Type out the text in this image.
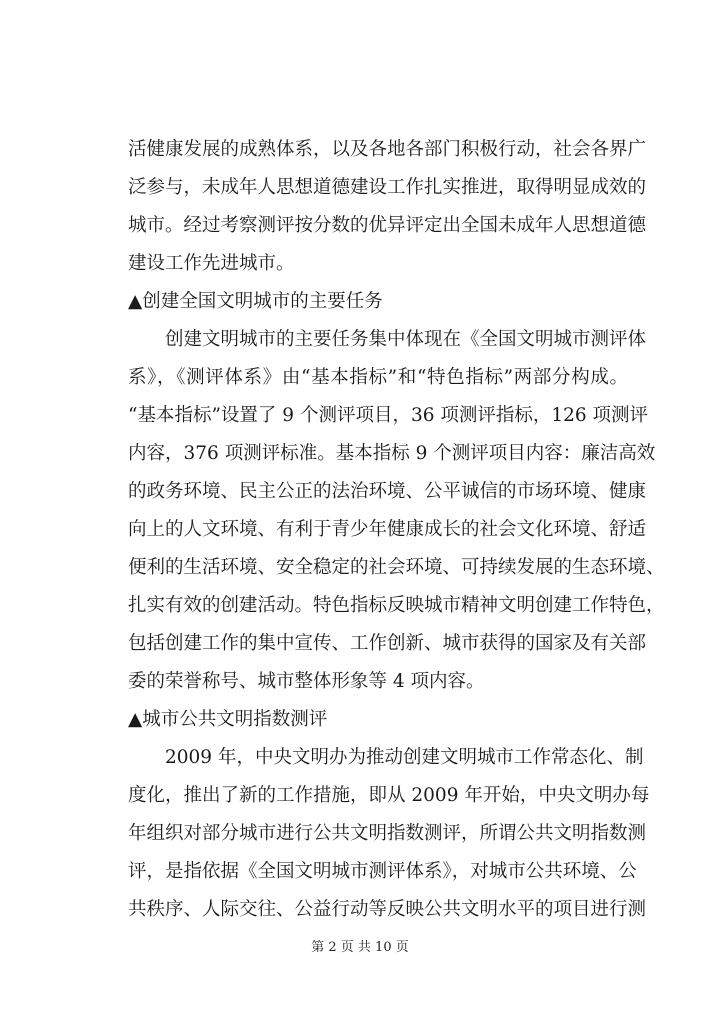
活健康发展的成熟体系，以及各地各部门积极行动，社会各界广
泛参与，未成年人思想道德建设工作扎实推进，取得明显成效的
城市。经过考察测评按分数的优异评定出全国未成年人思想道德
建设工作先进城市。
▲创建全国文明城市的主要任务
创建文明城市的主要任务集中体现在《全国文明城市测评体
系》，《测评体系》由“基本指标”和“特色指标”两部分构成。
“基本指标”设置了 9 个测评项目，36 项测评指标，126 项测评
内容，376 项测评标准。基本指标 9 个测评项目内容：廉洁高效
的政务环境、民主公正的法治环境、公平诚信的市场环境、健康
向上的人文环境、有利于青少年健康成长的社会文化环境、舒适
便利的生活环境、安全稳定的社会环境、可持续发展的生态环境、
扎实有效的创建活动。特色指标反映城市精神文明创建工作特色，
包括创建工作的集中宣传、工作创新、城市获得的国家及有关部
委的荣誉称号、城市整体形象等 4 项内容。
▲城市公共文明指数测评
2009 年，中央文明办为推动创建文明城市工作常态化、制
度化，推出了新的工作措施，即从 2009 年开始，中央文明办每
年组织对部分城市进行公共文明指数测评，所谓公共文明指数测
评，是指依据《全国文明城市测评体系》，对城市公共环境、公
共秩序、人际交往、公益行动等反映公共文明水平的项目进行测
第 2 页 共 10 页
